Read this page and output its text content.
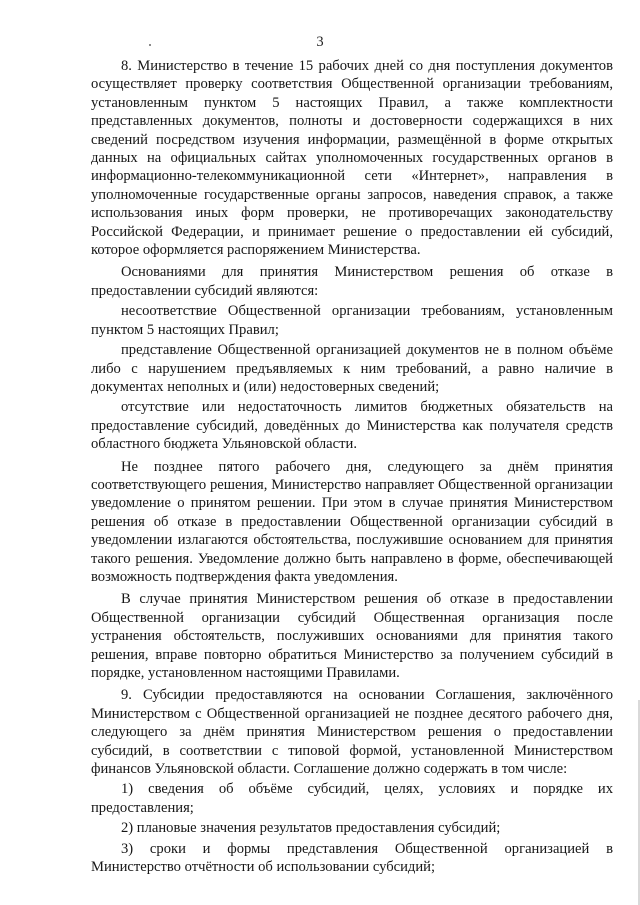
3

8. Министерство в течение 15 рабочих дней со дня поступления документов осуществляет проверку соответствия Общественной организации требованиям, установленным пунктом 5 настоящих Правил, а также комплектности представленных документов, полноты и достоверности содержащихся в них сведений посредством изучения информации, размещённой в форме открытых данных на официальных сайтах уполномоченных государственных органов в информационно-телекоммуникационной сети «Интернет», направления в уполномоченные государственные органы запросов, наведения справок, а также использования иных форм проверки, не противоречащих законодательству Российской Федерации, и принимает решение о предоставлении ей субсидий, которое оформляется распоряжением Министерства.

Основаниями для принятия Министерством решения об отказе в предоставлении субсидий являются:

несоответствие Общественной организации требованиям, установленным пунктом 5 настоящих Правил;

представление Общественной организацией документов не в полном объёме либо с нарушением предъявляемых к ним требований, а равно наличие в документах неполных и (или) недостоверных сведений;

отсутствие или недостаточность лимитов бюджетных обязательств на предоставление субсидий, доведённых до Министерства как получателя средств областного бюджета Ульяновской области.

Не позднее пятого рабочего дня, следующего за днём принятия соответствующего решения, Министерство направляет Общественной организации уведомление о принятом решении. При этом в случае принятия Министерством решения об отказе в предоставлении Общественной организации субсидий в уведомлении излагаются обстоятельства, послужившие основанием для принятия такого решения. Уведомление должно быть направлено в форме, обеспечивающей возможность подтверждения факта уведомления.

В случае принятия Министерством решения об отказе в предоставлении Общественной организации субсидий Общественная организация после устранения обстоятельств, послуживших основаниями для принятия такого решения, вправе повторно обратиться Министерство за получением субсидий в порядке, установленном настоящими Правилами.

9. Субсидии предоставляются на основании Соглашения, заключённого Министерством с Общественной организацией не позднее десятого рабочего дня, следующего за днём принятия Министерством решения о предоставлении субсидий, в соответствии с типовой формой, установленной Министерством финансов Ульяновской области. Соглашение должно содержать в том числе:

1) сведения об объёме субсидий, целях, условиях и порядке их предоставления;

2) плановые значения результатов предоставления субсидий;

3) сроки и формы представления Общественной организацией в Министерство отчётности об использовании субсидий;
